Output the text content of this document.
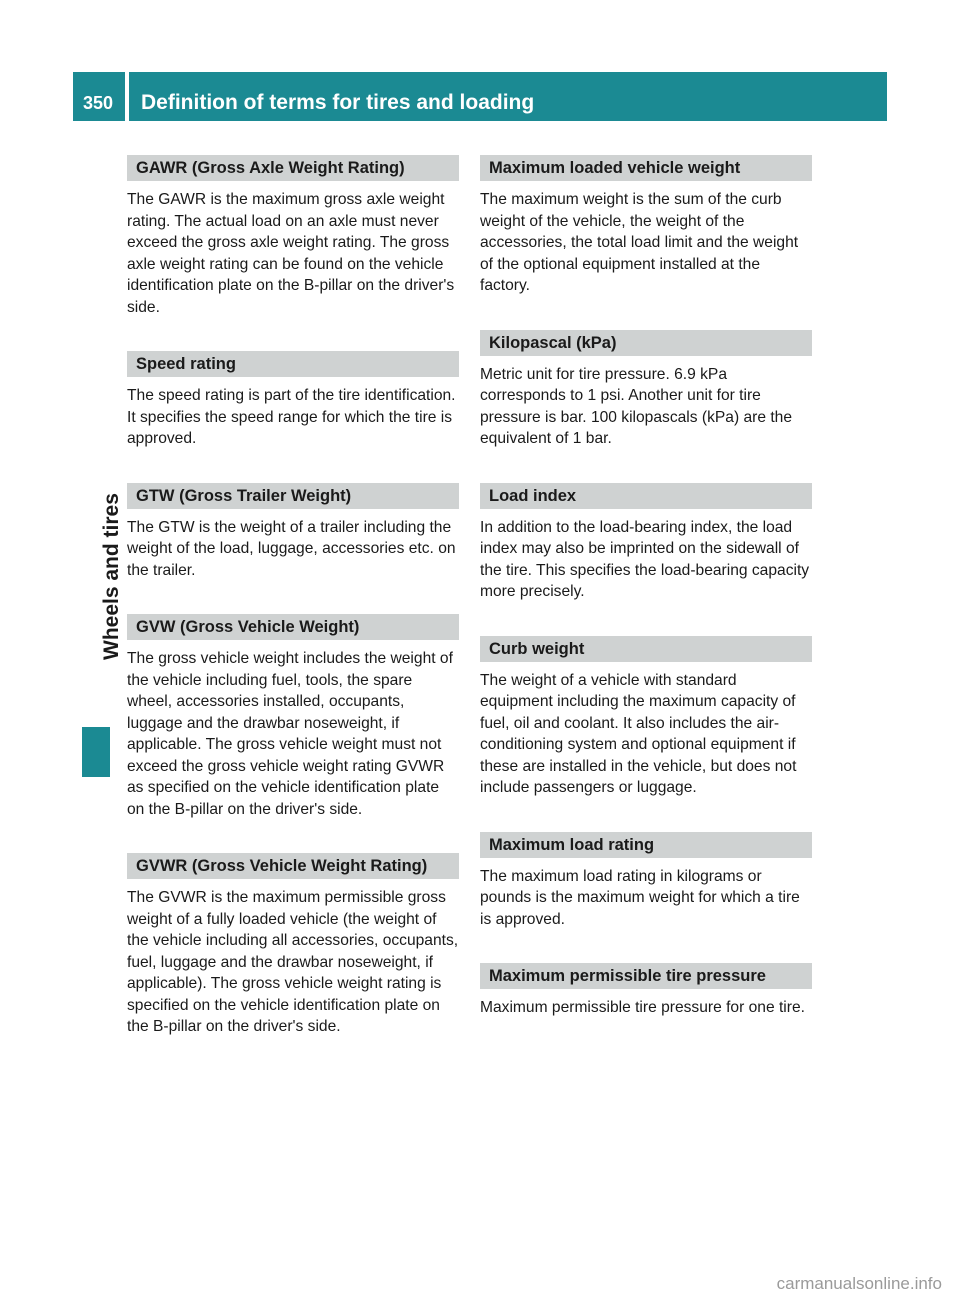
350 Definition of terms for tires and loading
Wheels and tires
GAWR (Gross Axle Weight Rating)

The GAWR is the maximum gross axle weight rating. The actual load on an axle must never exceed the gross axle weight rating. The gross axle weight rating can be found on the vehicle identification plate on the B-pillar on the driver's side.

Speed rating

The speed rating is part of the tire identification. It specifies the speed range for which the tire is approved.

GTW (Gross Trailer Weight)

The GTW is the weight of a trailer including the weight of the load, luggage, accessories etc. on the trailer.

GVW (Gross Vehicle Weight)

The gross vehicle weight includes the weight of the vehicle including fuel, tools, the spare wheel, accessories installed, occupants, luggage and the drawbar noseweight, if applicable. The gross vehicle weight must not exceed the gross vehicle weight rating GVWR as specified on the vehicle identification plate on the B-pillar on the driver's side.

GVWR (Gross Vehicle Weight Rating)

The GVWR is the maximum permissible gross weight of a fully loaded vehicle (the weight of the vehicle including all accessories, occupants, fuel, luggage and the drawbar noseweight, if applicable). The gross vehicle weight rating is specified on the vehicle identification plate on the B-pillar on the driver's side.

Maximum loaded vehicle weight

The maximum weight is the sum of the curb weight of the vehicle, the weight of the accessories, the total load limit and the weight of the optional equipment installed at the factory.

Kilopascal (kPa)

Metric unit for tire pressure. 6.9 kPa corresponds to 1 psi. Another unit for tire pressure is bar. 100 kilopascals (kPa) are the equivalent of 1 bar.

Load index

In addition to the load-bearing index, the load index may also be imprinted on the sidewall of the tire. This specifies the load-bearing capacity more precisely.

Curb weight

The weight of a vehicle with standard equipment including the maximum capacity of fuel, oil and coolant. It also includes the air-conditioning system and optional equipment if these are installed in the vehicle, but does not include passengers or luggage.

Maximum load rating

The maximum load rating in kilograms or pounds is the maximum weight for which a tire is approved.

Maximum permissible tire pressure

Maximum permissible tire pressure for one tire.

carmanualsonline.info
